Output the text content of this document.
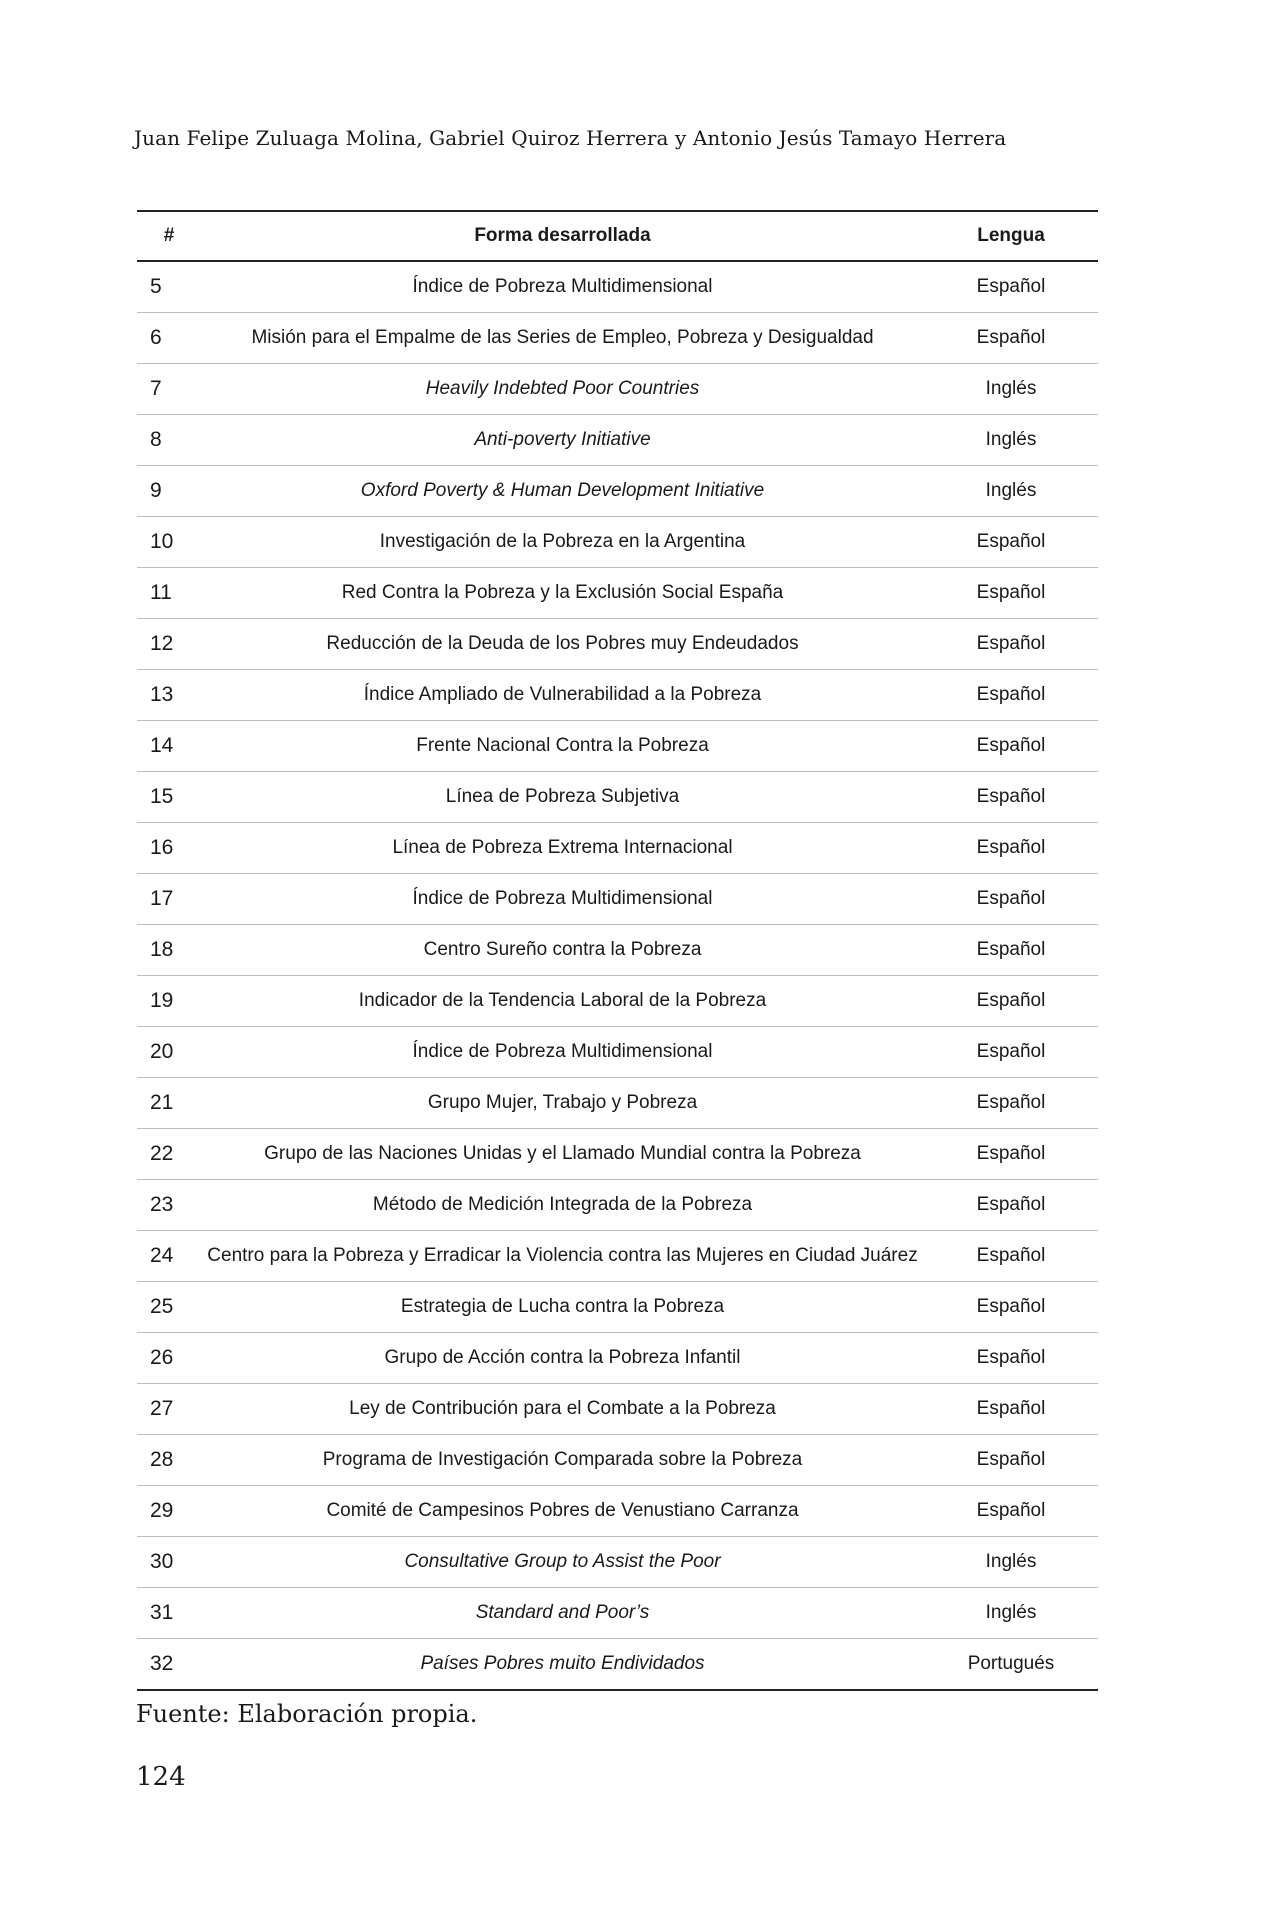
Juan Felipe Zuluaga Molina, Gabriel Quiroz Herrera y Antonio Jesús Tamayo Herrera
#	Forma desarrollada	Lengua
5	Índice de Pobreza Multidimensional	Español
6	Misión para el Empalme de las Series de Empleo, Pobreza y Desigualdad	Español
7	Heavily Indebted Poor Countries	Inglés
8	Anti-poverty Initiative	Inglés
9	Oxford Poverty & Human Development Initiative	Inglés
10	Investigación de la Pobreza en la Argentina	Español
11	Red Contra la Pobreza y la Exclusión Social España	Español
12	Reducción de la Deuda de los Pobres muy Endeudados	Español
13	Índice Ampliado de Vulnerabilidad a la Pobreza	Español
14	Frente Nacional Contra la Pobreza	Español
15	Línea de Pobreza Subjetiva	Español
16	Línea de Pobreza Extrema Internacional	Español
17	Índice de Pobreza Multidimensional	Español
18	Centro Sureño contra la Pobreza	Español
19	Indicador de la Tendencia Laboral de la Pobreza	Español
20	Índice de Pobreza Multidimensional	Español
21	Grupo Mujer, Trabajo y Pobreza	Español
22	Grupo de las Naciones Unidas y el Llamado Mundial contra la Pobreza	Español
23	Método de Medición Integrada de la Pobreza	Español
24	Centro para la Pobreza y Erradicar la Violencia contra las Mujeres en Ciudad Juárez	Español
25	Estrategia de Lucha contra la Pobreza	Español
26	Grupo de Acción contra la Pobreza Infantil	Español
27	Ley de Contribución para el Combate a la Pobreza	Español
28	Programa de Investigación Comparada sobre la Pobreza	Español
29	Comité de Campesinos Pobres de Venustiano Carranza	Español
30	Consultative Group to Assist the Poor	Inglés
31	Standard and Poor’s	Inglés
32	Países Pobres muito Endividados	Portugués
Fuente: Elaboración propia.
124
